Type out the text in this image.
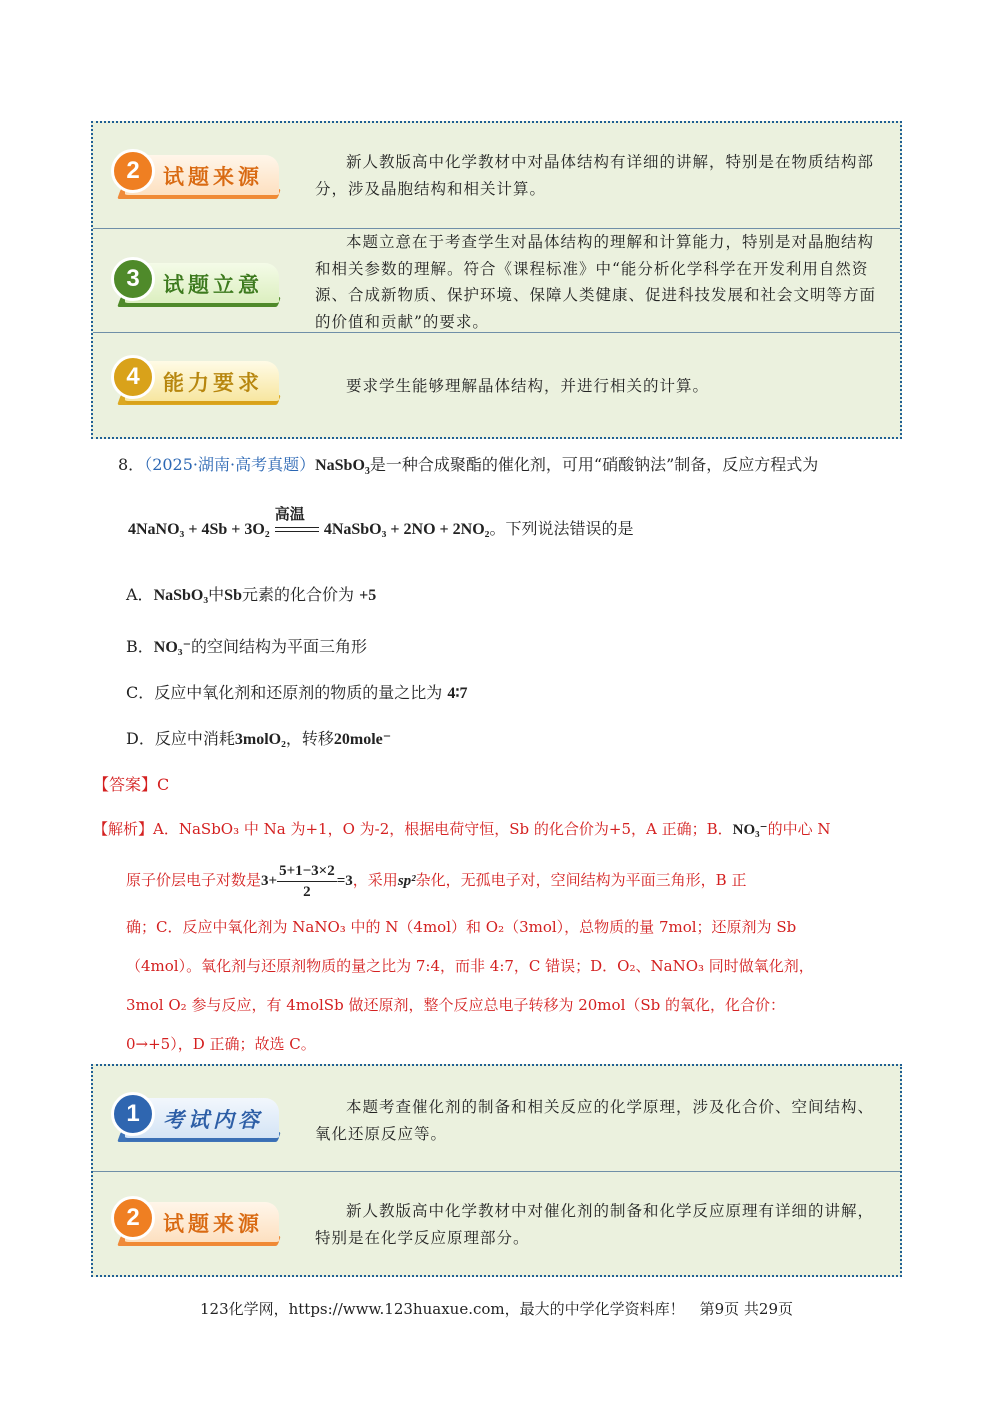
2	试题来源
新人教版高中化学教材中对晶体结构有详细的讲解，特别是在物质结构部分，涉及晶胞结构和相关计算。
3	试题立意
本题立意在于考查学生对晶体结构的理解和计算能力，特别是对晶胞结构和相关参数的理解。符合《课程标准》中“能分析化学科学在开发利用自然资源、合成新物质、保护环境、保障人类健康、促进科技发展和社会文明等方面的价值和贡献”的要求。
4	能力要求	要求学生能够理解晶体结构，并进行相关的计算。
8．（2025·湖南·高考真题）NaSbO$_3$是一种合成聚酯的催化剂，可用“硝酸钠法”制备，反应方程式为
4NaNO₃ + 4Sb + 3O₂
高温
4NaSbO₃ + 2NO + 2NO₂。下列说法错误的是
A．NaSbO₃中Sb元素的化合价为 +5
B．NO₃⁻的空间结构为平面三角形
C．反应中氧化剂和还原剂的物质的量之比为 4∶7
D．反应中消耗3molO₂，转移20mole⁻
【答案】C
【解析】A．NaSbO₃ 中 Na 为+1，O 为-2，根据电荷守恒，Sb 的化合价为+5，A 正确；B．NO₃⁻的中心 N
原子价层电子对数是$3+ \frac{5+1-3\times 2}{2} =3$，采用sp²杂化，无孤电子对，空间结构为平面三角形，B 正
确；C．反应中氧化剂为 NaNO₃ 中的 N（4mol）和 O₂（3mol），总物质的量 7mol；还原剂为 Sb
（4mol）。氧化剂与还原剂物质的量之比为 7:4，而非 4:7，C 错误；D．O₂、NaNO₃ 同时做氧化剂，
3mol O₂ 参与反应，有 4molSb 做还原剂，整个反应总电子转移为 20mol（Sb 的氧化，化合价：
0→+5），D 正确；故选 C。
1	考试内容
本题考查催化剂的制备和相关反应的化学原理，涉及化合价、空间结构、氧化还原反应等。
2	试题来源
新人教版高中化学教材中对催化剂的制备和化学反应原理有详细的讲解，特别是在化学反应原理部分。
123化学网，https://www.123huaxue.com，最大的中学化学资料库！　第9页 共29页
